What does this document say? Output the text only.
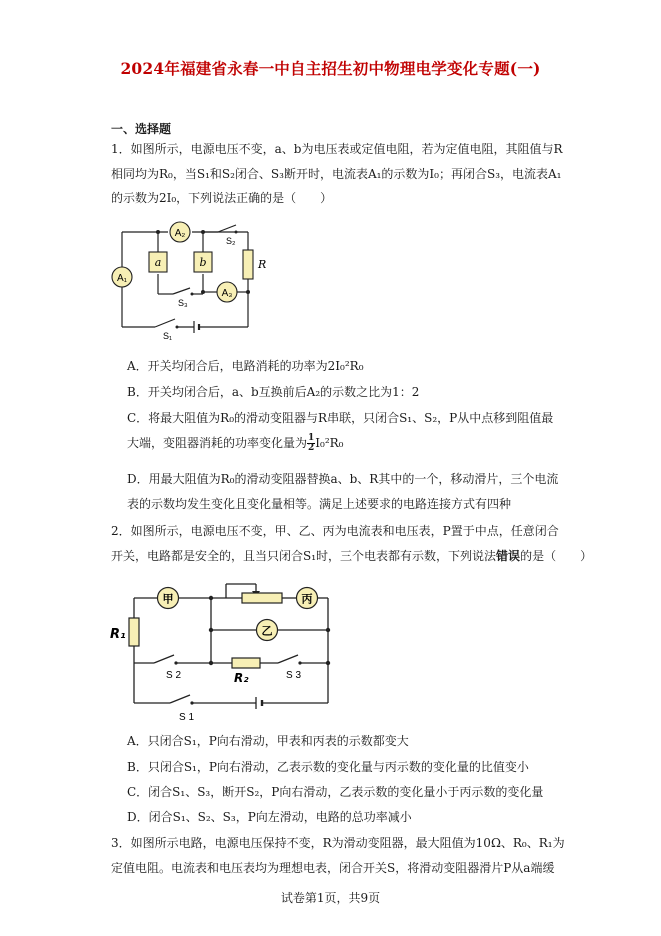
2024年福建省永春一中自主招生初中物理电学变化专题(一)
一、选择题
1．如图所示，电源电压不变，a、b为电压表或定值电阻，若为定值电阻，其阻值与R
相同均为R₀，当S₁和S₂闭合、S₃断开时，电流表A₁的示数为I₀；再闭合S₃，电流表A₁
的示数为2I₀，下列说法正确的是（　　）
A₂
A₁
A₃
a	b	R
S₂
S₃
S₁
A．开关均闭合后，电路消耗的功率为2I₀²R₀
B．开关均闭合后，a、b互换前后A₂的示数之比为1：2
C．将最大阻值为R₀的滑动变阻器与R串联，只闭合S₁、S₂，P从中点移到阻值最
大端，变阻器消耗的功率变化量为 $\frac{1}{2} I_0^2R_0$
D．用最大阻值为R₀的滑动变阻器替换a、b、R其中的一个，移动滑片，三个电流
表的示数均发生变化且变化量相等。满足上述要求的电路连接方式有四种
2．如图所示，电源电压不变，甲、乙、丙为电流表和电压表，P置于中点，任意闭合
开关，电路都是安全的，且当只闭合S₁时，三个电表都有示数，下列说法错误的是（　　）
甲	丙
乙
R₁
R₂
S 2	S 3
S 1
A．只闭合S₁，P向右滑动，甲表和丙表的示数都变大
B．只闭合S₁，P向右滑动，乙表示数的变化量与丙示数的变化量的比值变小
C．闭合S₁、S₃，断开S₂，P向右滑动，乙表示数的变化量小于丙示数的变化量
D．闭合S₁、S₂、S₃，P向左滑动，电路的总功率减小
3．如图所示电路，电源电压保持不变，R为滑动变阻器，最大阻值为10Ω、R₀、R₁为
定值电阻。电流表和电压表均为理想电表，闭合开关S，将滑动变阻器滑片P从a端缓
试卷第1页，共9页
